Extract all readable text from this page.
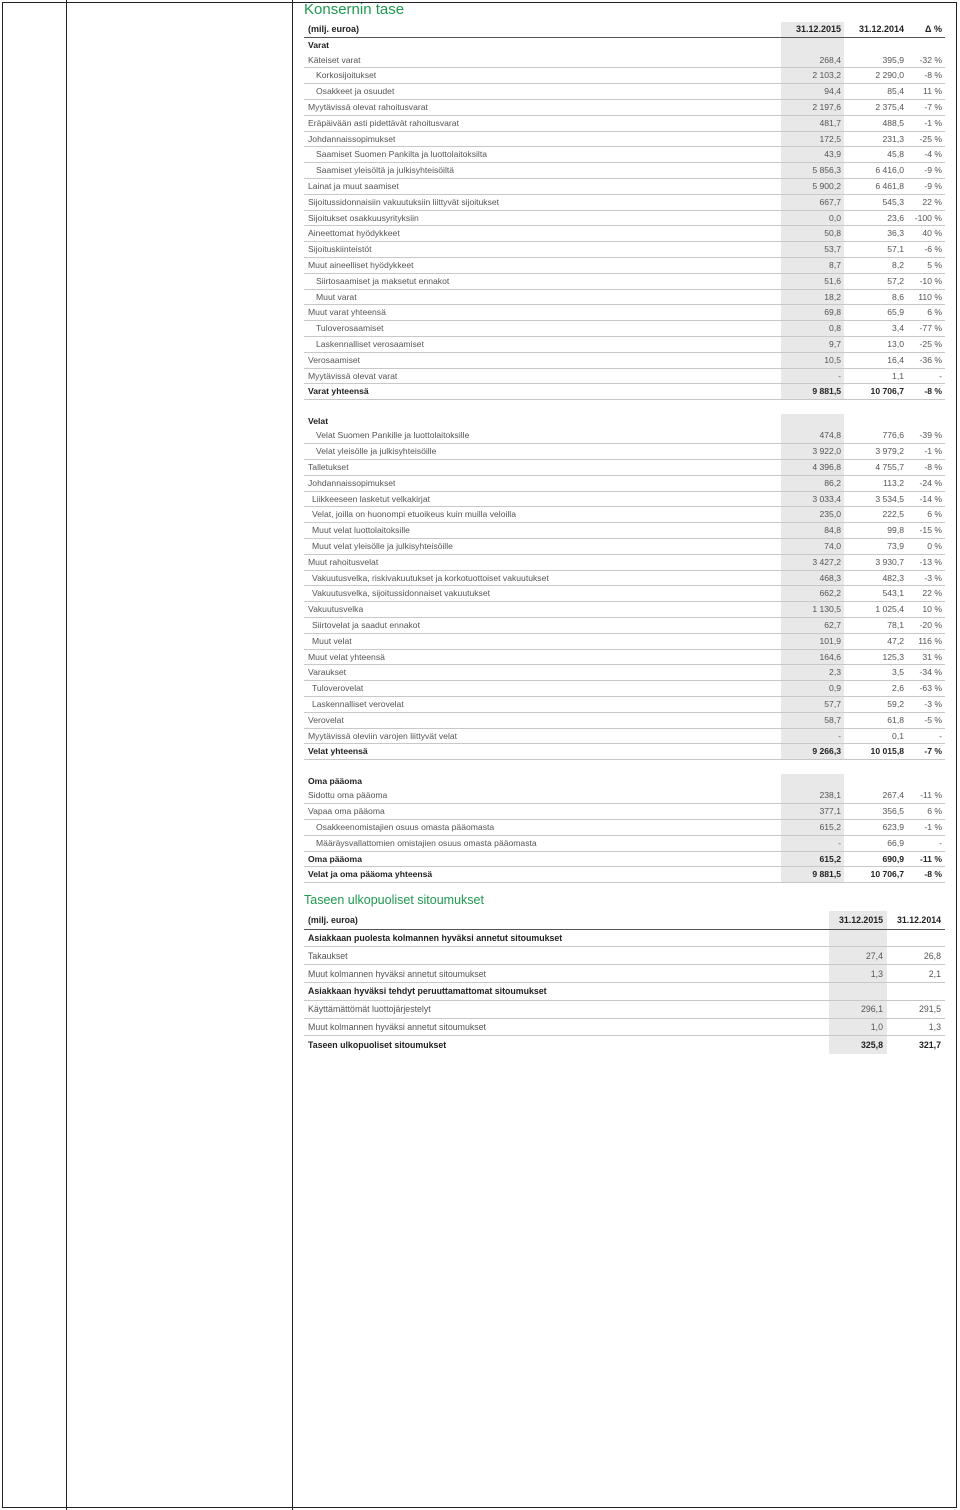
Konsernin tase
(milj. euroa)	31.12.2015	31.12.2014	Δ %
Varat			
Käteiset varat	268,4	395,9	-32 %
Korkosijoitukset	2 103,2	2 290,0	-8 %
Osakkeet ja osuudet	94,4	85,4	11 %
Myytävissä olevat rahoitusvarat	2 197,6	2 375,4	-7 %
Eräpäivään asti pidettävät rahoitusvarat	481,7	488,5	-1 %
Johdannaissopimukset	172,5	231,3	-25 %
Saamiset Suomen Pankilta ja luottolaitoksilta	43,9	45,8	-4 %
Saamiset yleisöltä ja julkisyhteisöiltä	5 856,3	6 416,0	-9 %
Lainat ja muut saamiset	5 900,2	6 461,8	-9 %
Sijoitussidonnaisiin vakuutuksiin liittyvät sijoitukset	667,7	545,3	22 %
Sijoitukset osakkuusyrityksiin	0,0	23,6	-100 %
Aineettomat hyödykkeet	50,8	36,3	40 %
Sijoituskiinteistöt	53,7	57,1	-6 %
Muut aineelliset hyödykkeet	8,7	8,2	5 %
Siirtosaamiset ja maksetut ennakot	51,6	57,2	-10 %
Muut varat	18,2	8,6	110 %
Muut varat yhteensä	69,8	65,9	6 %
Tuloverosaamiset	0,8	3,4	-77 %
Laskennalliset verosaamiset	9,7	13,0	-25 %
Verosaamiset	10,5	16,4	-36 %
Myytävissä olevat varat	-	1,1	-
Varat yhteensä	9 881,5	10 706,7	-8 %

Velat			
Velat Suomen Pankille ja luottolaitoksille	474,8	776,6	-39 %
Velat yleisölle ja julkisyhteisöille	3 922,0	3 979,2	-1 %
Talletukset	4 396,8	4 755,7	-8 %
Johdannaissopimukset	86,2	113,2	-24 %
Liikkeeseen lasketut velkakirjat	3 033,4	3 534,5	-14 %
Velat, joilla on huonompi etuoikeus kuin muilla veloilla	235,0	222,5	6 %
Muut velat luottolaitoksille	84,8	99,8	-15 %
Muut velat yleisölle ja julkisyhteisöille	74,0	73,9	0 %
Muut rahoitusvelat	3 427,2	3 930,7	-13 %
Vakuutusvelka, riskivakuutukset ja korkotuottoiset vakuutukset	468,3	482,3	-3 %
Vakuutusvelka, sijoitussidonnaiset vakuutukset	662,2	543,1	22 %
Vakuutusvelka	1 130,5	1 025,4	10 %
Siirtovelat ja saadut ennakot	62,7	78,1	-20 %
Muut velat	101,9	47,2	116 %
Muut velat yhteensä	164,6	125,3	31 %
Varaukset	2,3	3,5	-34 %
Tuloverovelat	0,9	2,6	-63 %
Laskennalliset verovelat	57,7	59,2	-3 %
Verovelat	58,7	61,8	-5 %
Myytävissä oleviin varojen liittyvät velat	-	0,1	-
Velat yhteensä	9 266,3	10 015,8	-7 %

Oma pääoma			
Sidottu oma pääoma	238,1	267,4	-11 %
Vapaa oma pääoma	377,1	356,5	6 %
Osakkeenomistajien osuus omasta pääomasta	615,2	623,9	-1 %
Määräysvallattomien omistajien osuus omasta pääomasta	-	66,9	-
Oma pääoma	615,2	690,9	-11 %
Velat ja oma pääoma yhteensä	9 881,5	10 706,7	-8 %
Taseen ulkopuoliset sitoumukset
(milj. euroa)	31.12.2015	31.12.2014
Asiakkaan puolesta kolmannen hyväksi annetut sitoumukset		
Takaukset	27,4	26,8
Muut kolmannen hyväksi annetut sitoumukset	1,3	2,1
Asiakkaan hyväksi tehdyt peruuttamattomat sitoumukset		
Käyttämättömät luottojärjestelyt	296,1	291,5
Muut kolmannen hyväksi annetut sitoumukset	1,0	1,3
Taseen ulkopuoliset sitoumukset	325,8	321,7
